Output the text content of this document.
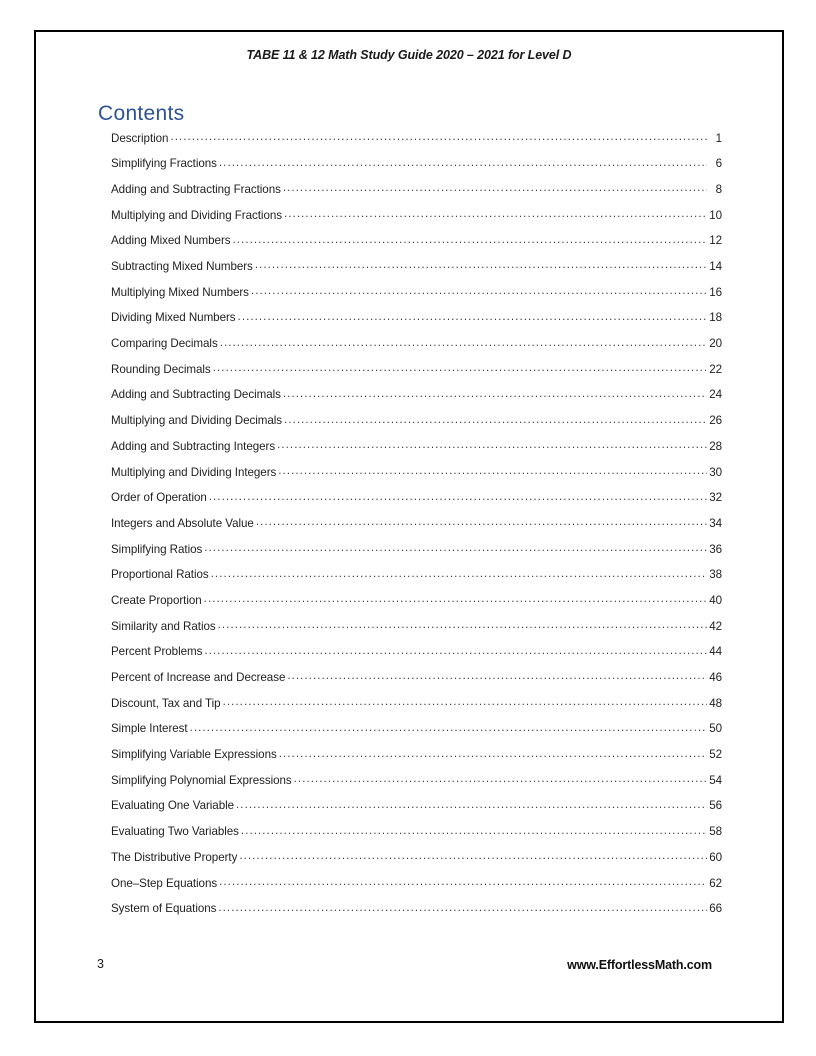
TABE 11 & 12 Math Study Guide 2020 – 2021 for Level D
Contents
Description .....	1
Simplifying Fractions .....	6
Adding and Subtracting Fractions .....	8
Multiplying and Dividing Fractions .....	10
Adding Mixed Numbers .....	12
Subtracting Mixed Numbers .....	14
Multiplying Mixed Numbers .....	16
Dividing Mixed Numbers .....	18
Comparing Decimals .....	20
Rounding Decimals .....	22
Adding and Subtracting Decimals .....	24
Multiplying and Dividing Decimals .....	26
Adding and Subtracting Integers .....	28
Multiplying and Dividing Integers .....	30
Order of Operation .....	32
Integers and Absolute Value .....	34
Simplifying Ratios .....	36
Proportional Ratios .....	38
Create Proportion .....	40
Similarity and Ratios .....	42
Percent Problems .....	44
Percent of Increase and Decrease .....	46
Discount, Tax and Tip .....	48
Simple Interest .....	50
Simplifying Variable Expressions .....	52
Simplifying Polynomial Expressions .....	54
Evaluating One Variable .....	56
Evaluating Two Variables .....	58
The Distributive Property .....	60
One–Step Equations .....	62
System of Equations .....	66
3	www.EffortlessMath.com
